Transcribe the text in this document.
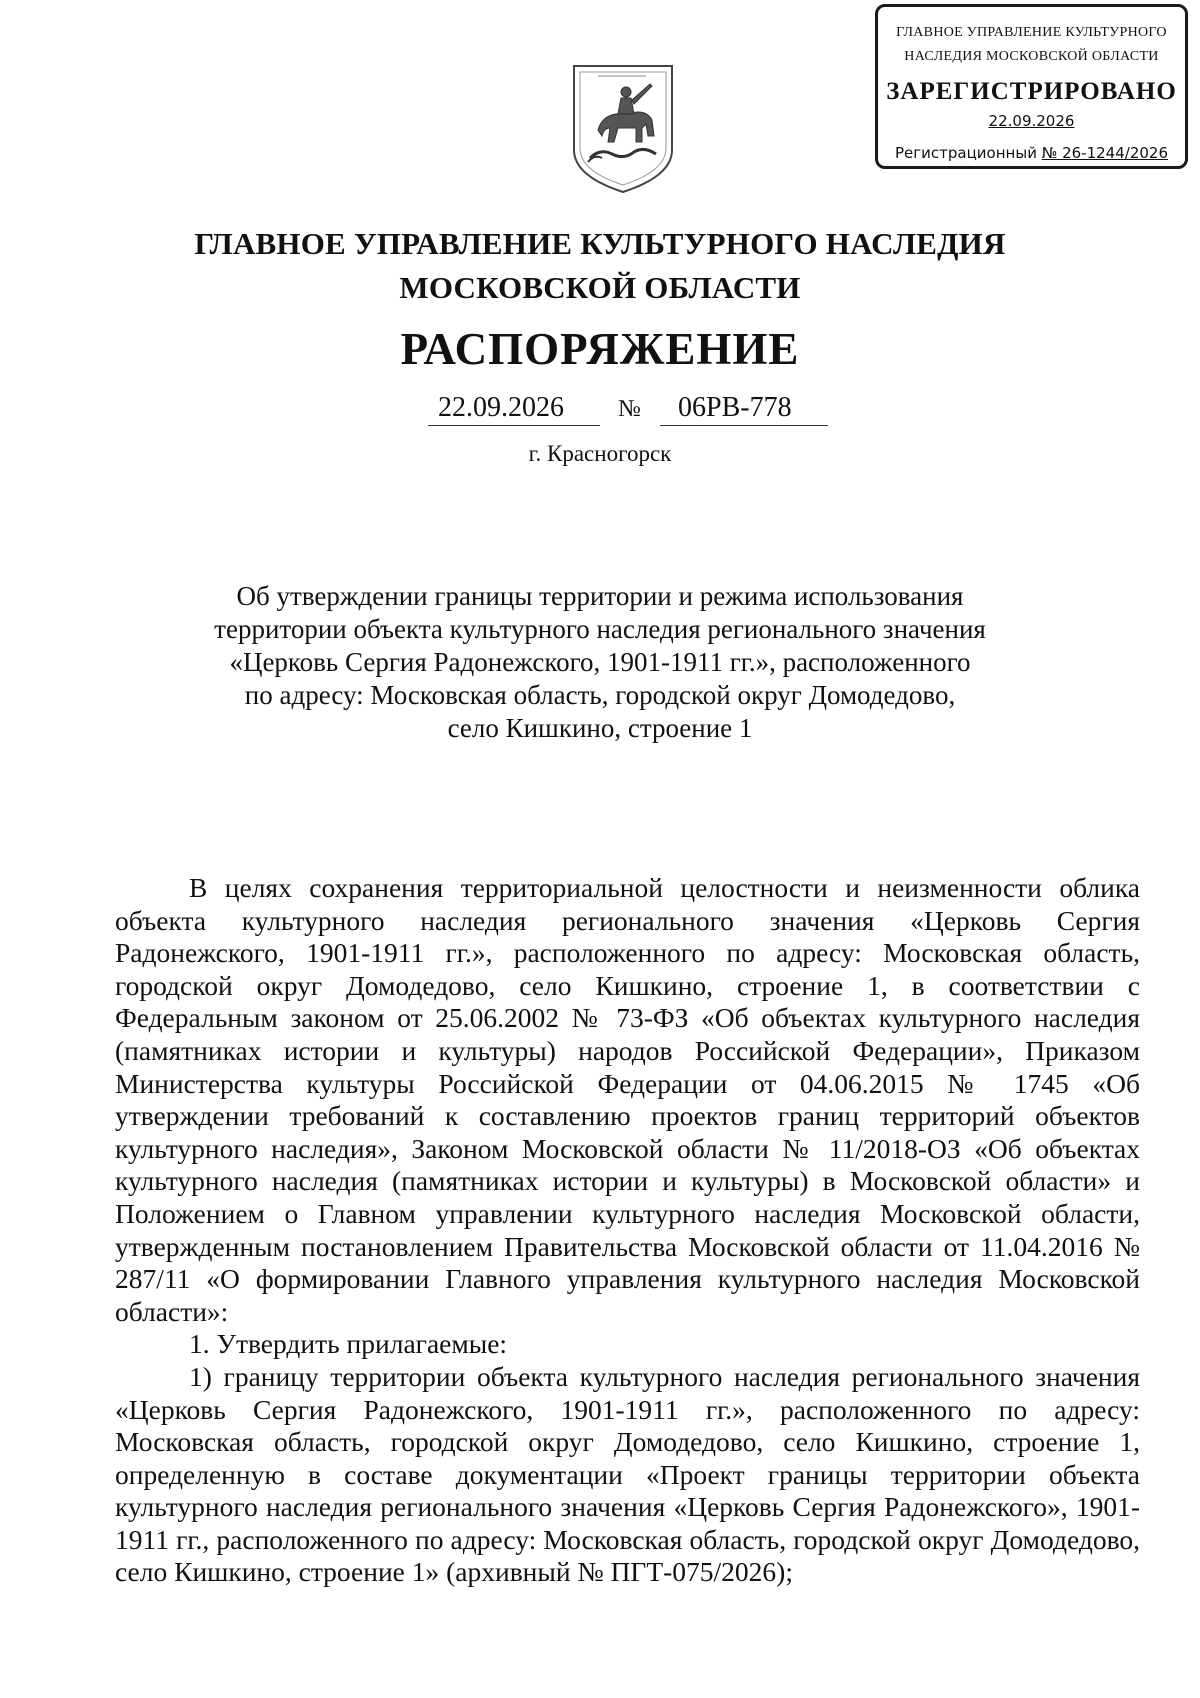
ГЛАВНОЕ УПРАВЛЕНИЕ КУЛЬТУРНОГО
НАСЛЕДИЯ МОСКОВСКОЙ ОБЛАСТИ
ЗАРЕГИСТРИРОВАНО
22.09.2026
Регистрационный № 26-1244/2026
ГЛАВНОЕ УПРАВЛЕНИЕ КУЛЬТУРНОГО НАСЛЕДИЯ
МОСКОВСКОЙ ОБЛАСТИ
РАСПОРЯЖЕНИЕ
22.09.2026 № 06РВ-778
г. Красногорск
Об утверждении границы территории и режима использования
территории объекта культурного наследия регионального значения
«Церковь Сергия Радонежского, 1901-1911 гг.», расположенного
по адресу: Московская область, городской округ Домодедово,
село Кишкино, строение 1

В целях сохранения территориальной целостности и неизменности облика объекта культурного наследия регионального значения «Церковь Сергия Радонежского, 1901-1911 гг.», расположенного по адресу: Московская область, городской округ Домодедово, село Кишкино, строение 1, в соответствии с Федеральным законом от 25.06.2002 № 73-ФЗ «Об объектах культурного наследия (памятниках истории и культуры) народов Российской Федерации», Приказом Министерства культуры Российской Федерации от 04.06.2015 № 1745 «Об утверждении требований к составлению проектов границ территорий объектов культурного наследия», Законом Московской области № 11/2018-ОЗ «Об объектах культурного наследия (памятниках истории и культуры) в Московской области» и Положением о Главном управлении культурного наследия Московской области, утвержденным постановлением Правительства Московской области от 11.04.2016 № 287/11 «О формировании Главного управления культурного наследия Московской области»:

1. Утвердить прилагаемые:

1) границу территории объекта культурного наследия регионального значения «Церковь Сергия Радонежского, 1901-1911 гг.», расположенного по адресу: Московская область, городской округ Домодедово, село Кишкино, строение 1, определенную в составе документации «Проект границы территории объекта культурного наследия регионального значения «Церковь Сергия Радонежского», 1901-1911 гг., расположенного по адресу: Московская область, городской округ Домодедово, село Кишкино, строение 1» (архивный № ПГТ-075/2026);
